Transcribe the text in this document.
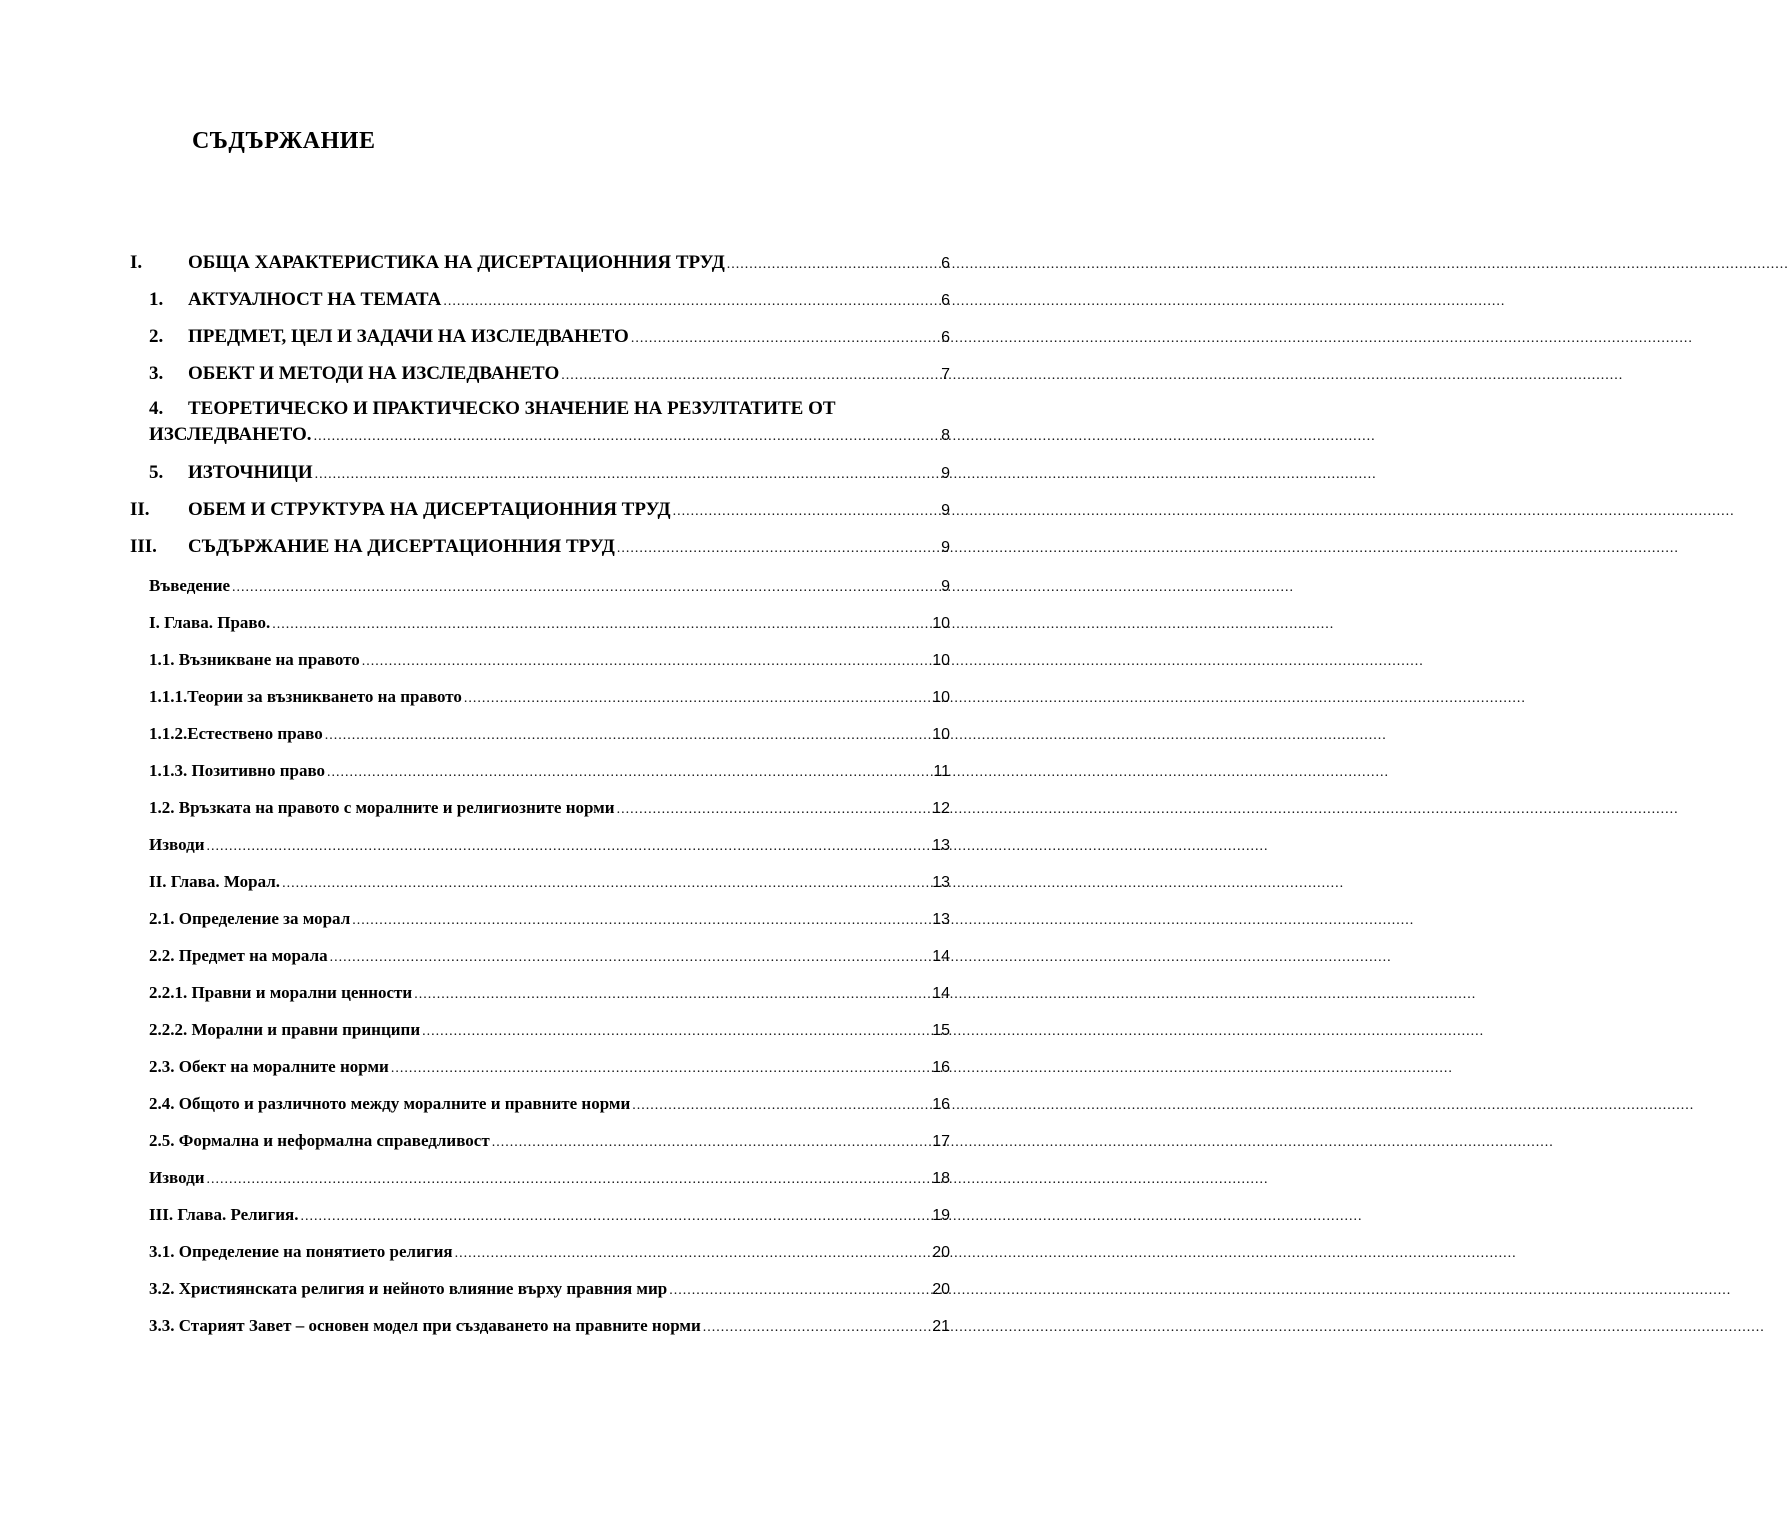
СЪДЪРЖАНИЕ
I.	ОБЩА ХАРАКТЕРИСТИКА НА ДИСЕРТАЦИОННИЯ ТРУД .....	6
1.	АКТУАЛНОСТ НА ТЕМАТА .....	6
2.	ПРЕДМЕТ, ЦЕЛ И ЗАДАЧИ НА ИЗСЛЕДВАНЕТО .....	6
3.	ОБЕКТ И МЕТОДИ НА ИЗСЛЕДВАНЕТО .....	7
4.	ТЕОРЕТИЧЕСКО И ПРАКТИЧЕСКО ЗНАЧЕНИЕ НА РЕЗУЛТАТИТЕ ОТ
ИЗСЛЕДВАНЕТО. .....	8
5.	ИЗТОЧНИЦИ .....	9
II.	ОБЕМ И СТРУКТУРА НА ДИСЕРТАЦИОННИЯ ТРУД .....	9
III.	СЪДЪРЖАНИЕ НА ДИСЕРТАЦИОННИЯ ТРУД .....	9
Въведение .....	9
I. Глава. Право. .....	10
1.1. Възникване на правото .....	10
1.1.1.Теории за възникването на правото .....	10
1.1.2.Естествено право .....	10
1.1.3. Позитивно право .....	11
1.2. Връзката на правото с моралните и религиозните норми .....	12
Изводи .....	13
II. Глава. Морал. .....	13
2.1. Определение за морал .....	13
2.2. Предмет на морала .....	14
2.2.1. Правни и морални ценности .....	14
2.2.2. Морални и правни принципи .....	15
2.3. Обект на моралните норми .....	16
2.4. Общото и различното между моралните и правните норми .....	16
2.5. Формална и неформална справедливост .....	17
Изводи .....	18
III. Глава. Религия. .....	19
3.1. Определение на понятието религия .....	20
3.2. Християнската религия и нейното влияние върху правния мир .....	20
3.3. Старият Завет – основен модел при създаването на правните норми .....	21
